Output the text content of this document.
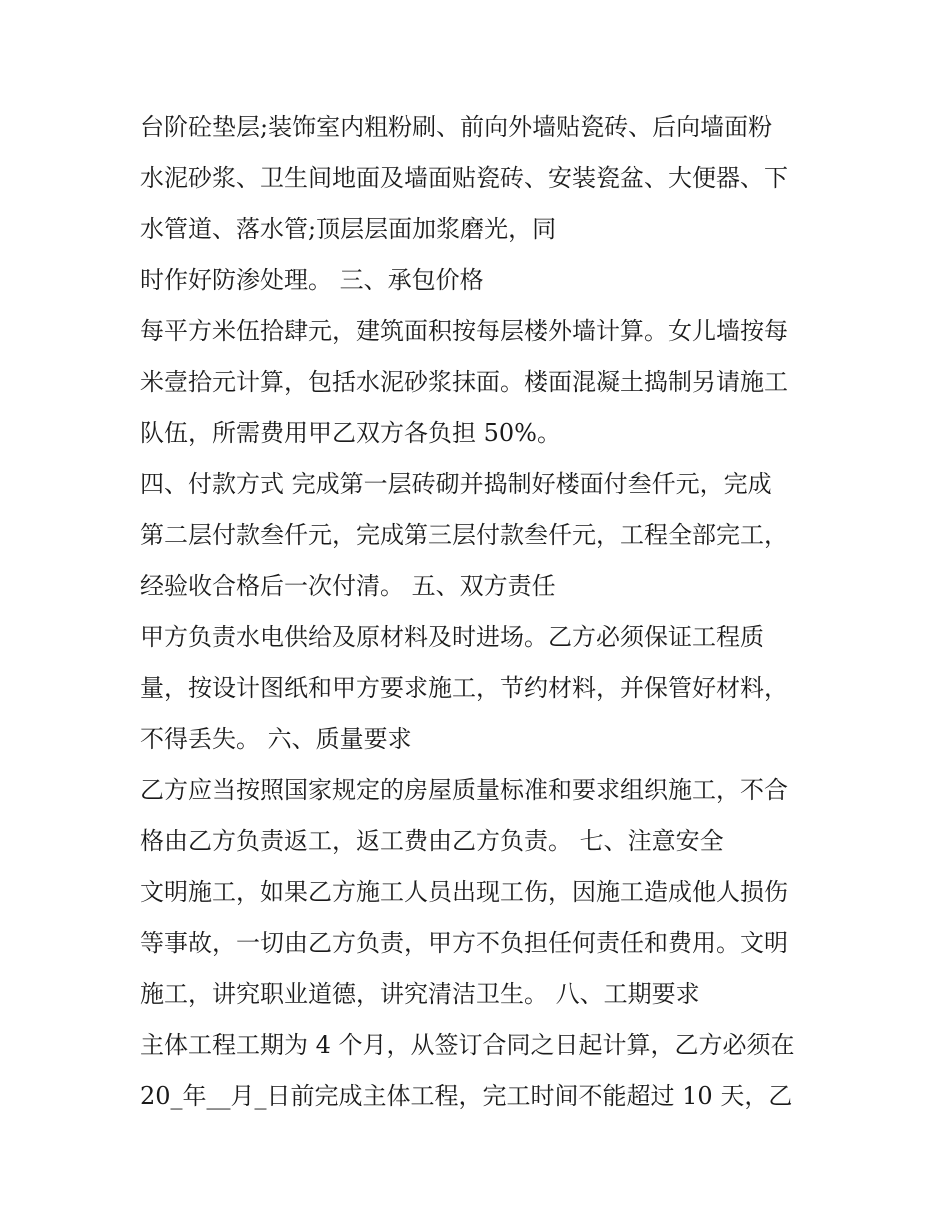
台阶砼垫层;装饰室内粗粉刷、前向外墙贴瓷砖、后向墙面粉
水泥砂浆、卫生间地面及墙面贴瓷砖、安装瓷盆、大便器、下
水管道、落水管;顶层层面加浆磨光，同
时作好防渗处理。 三、承包价格
每平方米伍拾肆元，建筑面积按每层楼外墙计算。女儿墙按每
米壹拾元计算，包括水泥砂浆抹面。楼面混凝土捣制另请施工
队伍，所需费用甲乙双方各负担 50%。
四、付款方式 完成第一层砖砌并捣制好楼面付叁仟元，完成
第二层付款叁仟元，完成第三层付款叁仟元，工程全部完工，
经验收合格后一次付清。 五、双方责任
甲方负责水电供给及原材料及时进场。乙方必须保证工程质
量，按设计图纸和甲方要求施工，节约材料，并保管好材料，
不得丢失。 六、质量要求
乙方应当按照国家规定的房屋质量标准和要求组织施工，不合
格由乙方负责返工，返工费由乙方负责。 七、注意安全
文明施工，如果乙方施工人员出现工伤，因施工造成他人损伤
等事故，一切由乙方负责，甲方不负担任何责任和费用。文明
施工，讲究职业道德，讲究清洁卫生。 八、工期要求
主体工程工期为 4 个月，从签订合同之日起计算，乙方必须在
20_年__月_日前完成主体工程，完工时间不能超过 10 天，乙
